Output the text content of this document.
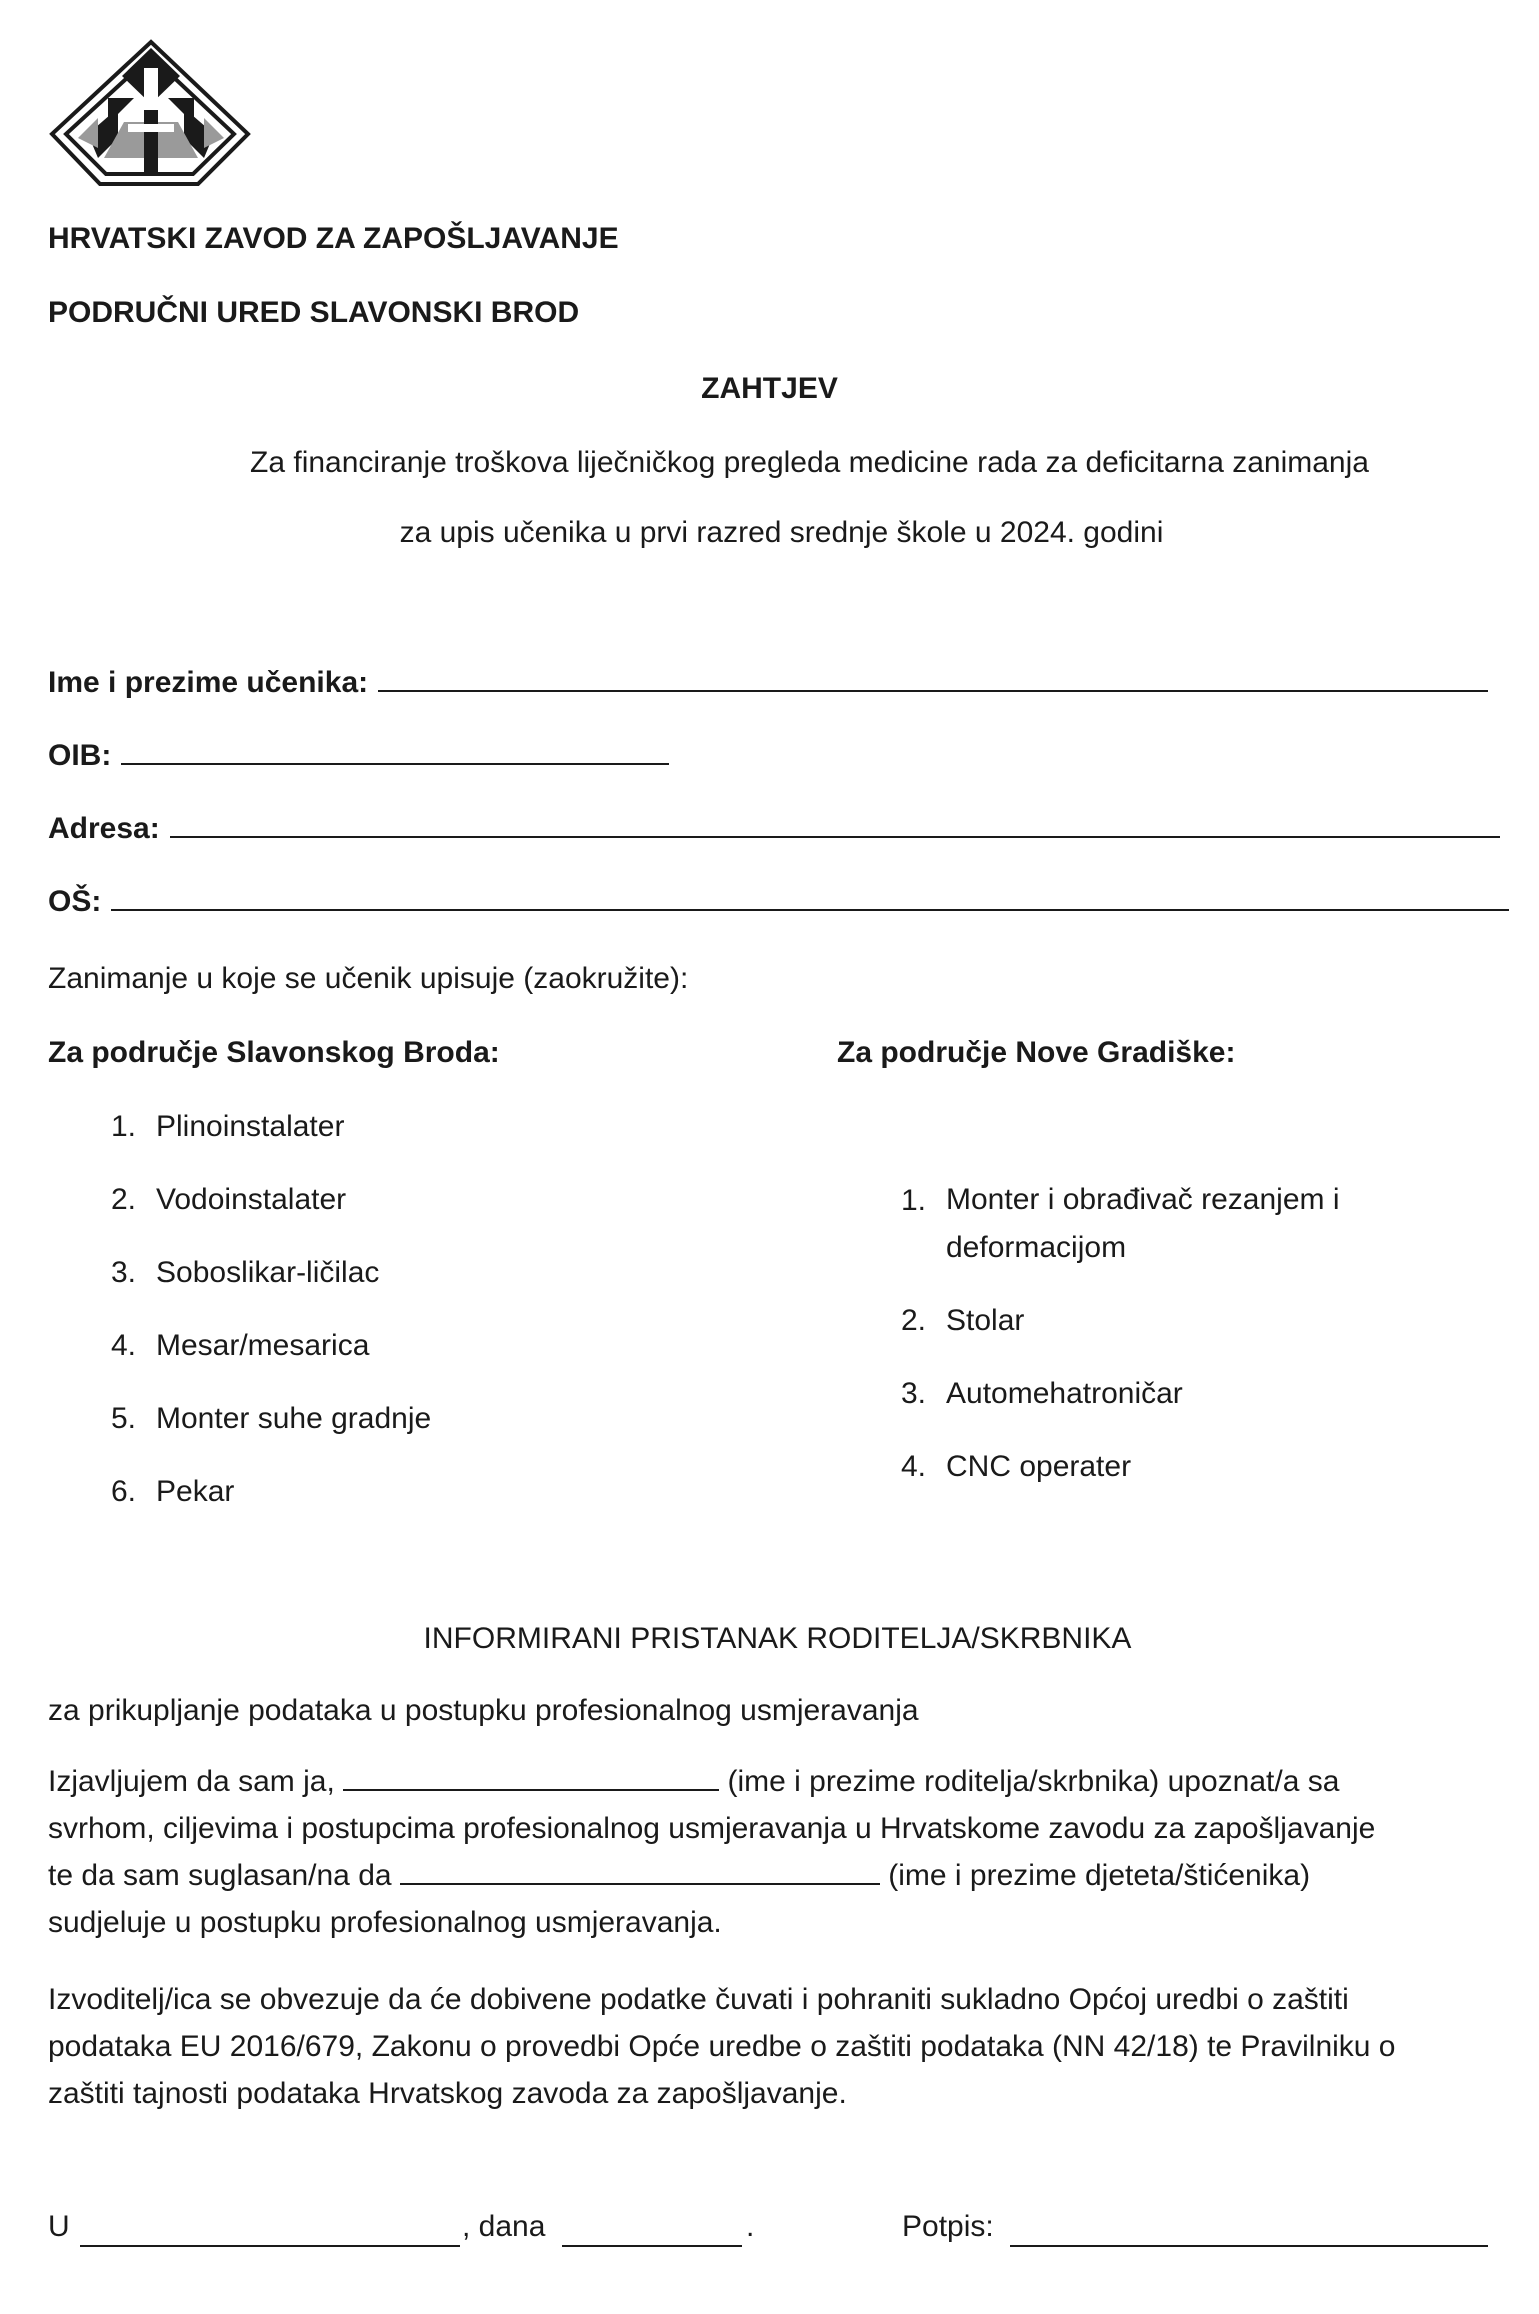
HRVATSKI ZAVOD ZA ZAPOŠLJAVANJE
PODRUČNI URED SLAVONSKI BROD
ZAHTJEV
Za financiranje troškova liječničkog pregleda medicine rada za deficitarna zanimanja
za upis učenika u prvi razred srednje škole u 2024. godini
Ime i prezime učenika:
OIB:
Adresa:
OŠ:
Zanimanje u koje se učenik upisuje (zaokružite):
Za područje Slavonskog Broda:	Za područje Nove Gradiške:
1. Plinoinstalater
2. Vodoinstalater
3. Soboslikar-ličilac
4. Mesar/mesarica
5. Monter suhe gradnje
6. Pekar
1. Monter i obrađivač rezanjem i
deformacijom
2. Stolar
3. Automehatroničar
4. CNC operater
INFORMIRANI PRISTANAK RODITELJA/SKRBNIKA
za prikupljanje podataka u postupku profesionalnog usmjeravanja
Izjavljujem da sam ja,	(ime i prezime roditelja/skrbnika) upoznat/a sa
svrhom, ciljevima i postupcima profesionalnog usmjeravanja u Hrvatskome zavodu za zapošljavanje
te da sam suglasan/na da	(ime i prezime djeteta/štićenika)
sudjeluje u postupku profesionalnog usmjeravanja.
Izvoditelj/ica se obvezuje da će dobivene podatke čuvati i pohraniti sukladno Općoj uredbi o zaštiti
podataka EU 2016/679, Zakonu o provedbi Opće uredbe o zaštiti podataka (NN 42/18) te Pravilniku o
zaštiti tajnosti podataka Hrvatskog zavoda za zapošljavanje.
U	, dana	.	Potpis:
